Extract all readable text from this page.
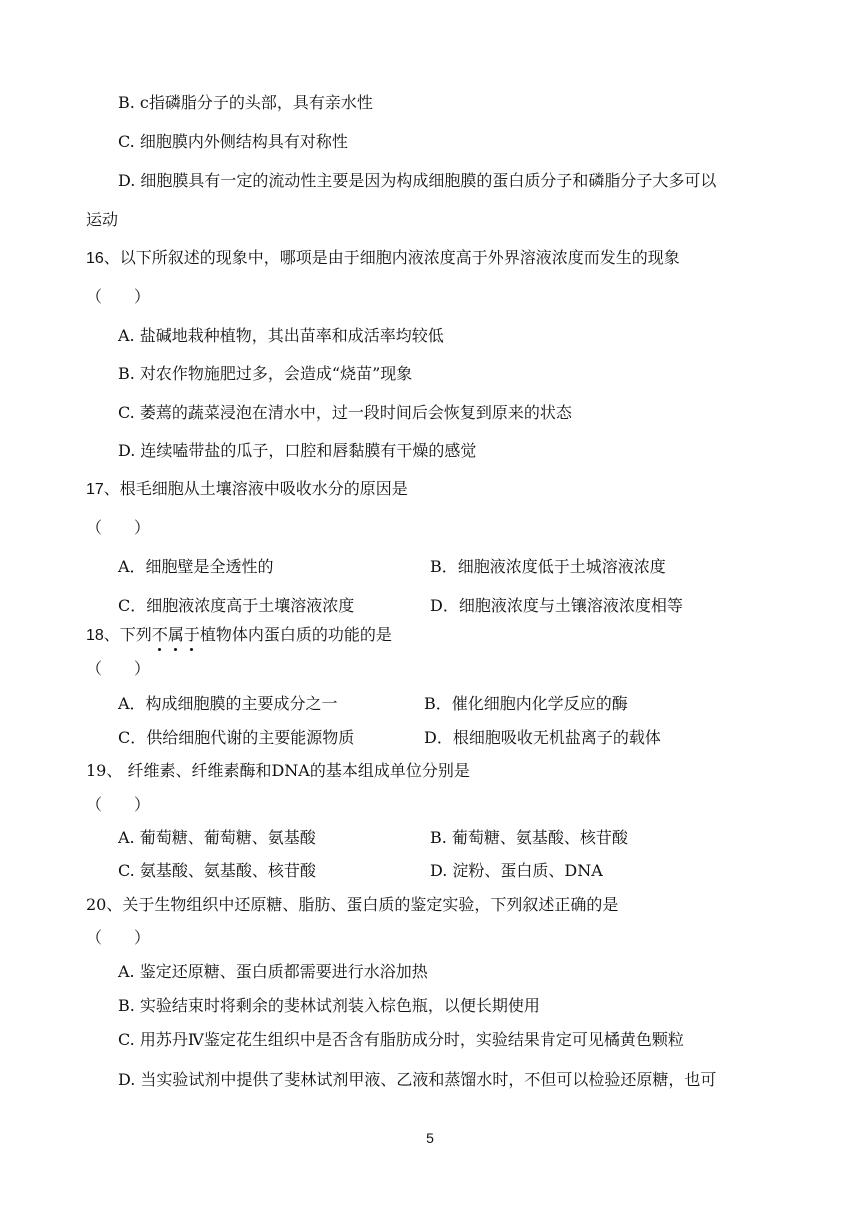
B. c指磷脂分子的头部，具有亲水性
C. 细胞膜内外侧结构具有对称性
D. 细胞膜具有一定的流动性主要是因为构成细胞膜的蛋白质分子和磷脂分子大多可以
运动
16、以下所叙述的现象中，哪项是由于细胞内液浓度高于外界溶液浓度而发生的现象
（　　）
A. 盐碱地栽种植物，其出苗率和成活率均较低
B. 对农作物施肥过多，会造成“烧苗”现象
C. 萎蔫的蔬菜浸泡在清水中，过一段时间后会恢复到原来的状态
D. 连续嗑带盐的瓜子，口腔和唇黏膜有干燥的感觉
17、根毛细胞从土壤溶液中吸收水分的原因是
（　　）
A．细胞壁是全透性的	B．细胞液浓度低于土城溶液浓度
C．细胞液浓度高于土壤溶液浓度	D．细胞液浓度与土镶溶液浓度相等
18、下列不属于植物体内蛋白质的功能的是
（　　）
A．构成细胞膜的主要成分之一	B．催化细胞内化学反应的酶
C．供给细胞代谢的主要能源物质	D．根细胞吸收无机盐离子的载体
19、 纤维素、纤维素酶和DNA的基本组成单位分别是
（　　）
A. 葡萄糖、葡萄糖、氨基酸	B. 葡萄糖、氨基酸、核苷酸
C. 氨基酸、氨基酸、核苷酸	D. 淀粉、蛋白质、DNA
20、关于生物组织中还原糖、脂肪、蛋白质的鉴定实验，下列叙述正确的是
（　　）
A. 鉴定还原糖、蛋白质都需要进行水浴加热
B. 实验结束时将剩余的斐林试剂装入棕色瓶，以便长期使用
C. 用苏丹Ⅳ鉴定花生组织中是否含有脂肪成分时，实验结果肯定可见橘黄色颗粒
D. 当实验试剂中提供了斐林试剂甲液、乙液和蒸馏水时，不但可以检验还原糖，也可
5
